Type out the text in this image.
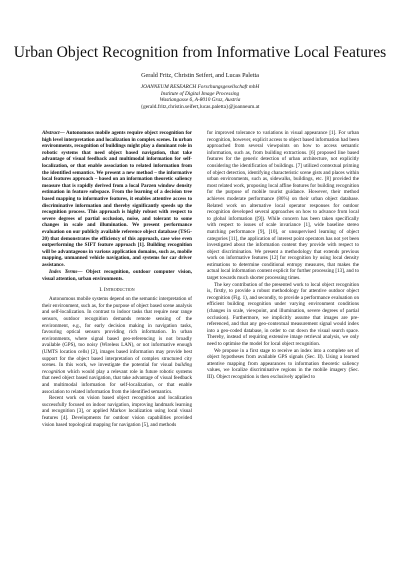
Urban Object Recognition from Informative Local Features
Gerald Fritz, Christin Seifert, and Lucas Paletta
JOANNEUM RESEARCH Forschungsgesellschaft mbH
Institute of Digital Image Processing
Wastiangasse 6, A-8010 Graz, Austria
{gerald.fritz,christin.seifert,lucas.paletta}@joanneum.at

Abstract— Autonomous mobile agents require object recognition for high level interpretation and localization in complex scenes. In urban environments, recognition of buildings might play a dominant role in robotic systems that need object based navigation, that take advantage of visual feedback and multimodal information for self-localization, or that enable association to related information from the identified semantics. We present a new method – the informative local features approach – based on an information theoretic saliency measure that is rapidly derived from a local Parzen window density estimation in feature subspace. From the learning of a decision tree based mapping to informative features, it enables attentive access to discriminative information and thereby significantly speeds up the recognition process. This approach is highly robust with respect to severe degrees of partial occlusion, noise, and tolerant to some changes in scale and illumination. We present performance evaluation on our publicly available reference object database (TSG-20) that demonstrates the efficiency of this approach, case wise even outperforming the SIFT feature approach [1]. Building recognition will be advantageous in various application domains, such as, mobile mapping, unmanned vehicle navigation, and systems for car driver assistance.

Index Terms— Object recognition, outdoor computer vision, visual attention, urban environments.

I. Introduction

Autonomous mobile systems depend on the semantic interpretation of their environment, such as, for the purpose of object based scene analysis and self-localization. In contrast to indoor tasks that require near range sensors, outdoor recognition demands remote sensing of the environment, e.g., for early decision making in navigation tasks, favouring optical sensors providing rich information. In urban environments, where signal based geo-referencing is not broadly available (GPS), too noisy (Wireless LAN), or not informative enough (UMTS location cells) [2], images based information may provide best support for the object based interpretation of complex structured city scenes. In this work, we investigate the potential for visual building recognition which would play a relevant role in future robotic systems that need object based navigation, that take advantage of visual feedback and multimodal information for self-localization, or that enable association to related information from the identified semantics.

Recent work on vision based object recognition and localization successfully focused on indoor navigation, improving landmark learning and recognition [3], or applied Markov localization using local visual features [4]. Developments for outdoor vision capabilities provided vision based topological mapping for navigation [5], and methods

for improved tolerance to variations in visual appearance [1]. For urban recognition, however, explicit access to object based information had been approached from several viewpoints on how to access semantic information, such as, from building extractions. [6] proposed line based features for the generic detection of urban architecture, not explicitly considering the identification of buildings. [7] utilized contextual priming of object detection, identifying characteristic scene gists and places within urban environments, such as, sidewalks, buildings, etc. [8] provided the most related work, proposing local affine features for building recognition for the purpose of mobile tourist guidance. However, their method achieves moderate performance (86%) on their urban object database. Related work on alternative local operator responses for outdoor recognition developed several approaches on how to advance from local to global information ([9]). While concern has been taken specifically with respect to issues of scale invariance [1], wide baseline stereo matching performance [9], [10], or unsupervised learning of object categories [11], the application of interest point operators has not yet been investigated about the information content they provide with respect to object discrimination. We present a methodology that extends previous work on informative features [12] for recognition by using local density estimations to determine conditional entropy measures, that makes the actual local information content explicit for further processing [13], and to target towards much shorter processing times.

The key contribution of the presented work to local object recognition is, firstly, to provide a robust methodology for attentive outdoor object recognition (Fig. 1), and secondly, to provide a performance evaluation on efficient building recognition under varying environment conditions (changes in scale, viewpoint, and illumination, severe degrees of partial occlusion). Furthermore, we implicitly assume that images are pre-referenced, and that any geo-contextual measurement signal would index into a geo-coded database, in order to cut down the visual search space. Thereby, instead of requiring extensive image retrieval analysis, we only need to optimise the model for local object recognition.

We propose in a first stage to receive an index into a complete set of object hypotheses from available GPS signals (Sec. II). Using a learned attentive mapping from appearances to information theoretic saliency values, we localize discriminative regions in the mobile imagery (Sec. III). Object recognition is then exclusively applied to
